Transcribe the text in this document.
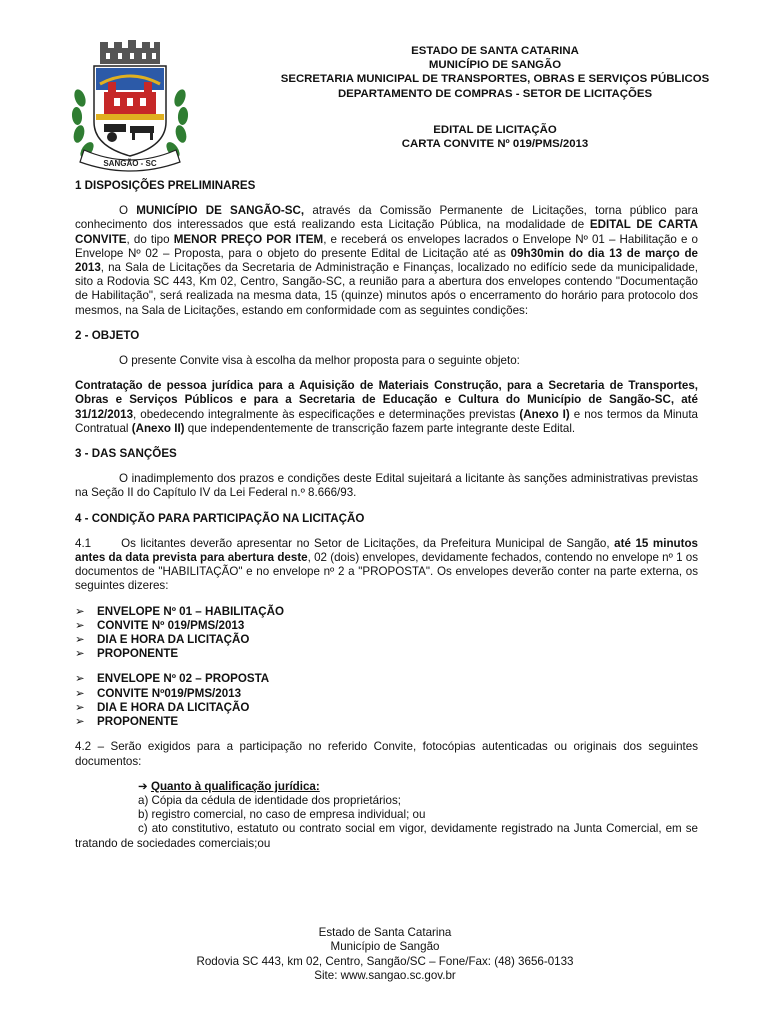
SANGÃO - SC
ESTADO DE SANTA CATARINA
MUNICÍPIO DE SANGÃO
SECRETARIA MUNICIPAL DE TRANSPORTES, OBRAS E SERVIÇOS PÚBLICOS
DEPARTAMENTO DE COMPRAS - SETOR DE LICITAÇÕES
EDITAL DE LICITAÇÃO
CARTA CONVITE Nº 019/PMS/2013
1 DISPOSIÇÕES PRELIMINARES

O MUNICÍPIO DE SANGÃO-SC, através da Comissão Permanente de Licitações, torna público para conhecimento dos interessados que está realizando esta Licitação Pública, na modalidade de EDITAL DE CARTA CONVITE, do tipo MENOR PREÇO POR ITEM, e receberá os envelopes lacrados o Envelope Nº 01 – Habilitação e o Envelope Nº 02 – Proposta, para o objeto do presente Edital de Licitação até as 09h30min do dia 13 de março de 2013, na Sala de Licitações da Secretaria de Administração e Finanças, localizado no edifício sede da municipalidade, sito a Rodovia SC 443, Km 02, Centro, Sangão-SC, a reunião para a abertura dos envelopes contendo "Documentação de Habilitação", será realizada na mesma data, 15 (quinze) minutos após o encerramento do horário para protocolo dos mesmos, na Sala de Licitações, estando em conformidade com as seguintes condições:

2 - OBJETO

O presente Convite visa à escolha da melhor proposta para o seguinte objeto:

Contratação de pessoa jurídica para a Aquisição de Materiais Construção, para a Secretaria de Transportes, Obras e Serviços Públicos e para a Secretaria de Educação e Cultura do Município de Sangão-SC, até 31/12/2013, obedecendo integralmente às especificações e determinações previstas (Anexo I) e nos termos da Minuta Contratual (Anexo II) que independentemente de transcrição fazem parte integrante deste Edital.

3 - DAS SANÇÕES

O inadimplemento dos prazos e condições deste Edital sujeitará a licitante às sanções administrativas previstas na Seção II do Capítulo IV da Lei Federal n.º 8.666/93.

4 - CONDIÇÃO PARA PARTICIPAÇÃO NA LICITAÇÃO

4.1	Os licitantes deverão apresentar no Setor de Licitações, da Prefeitura Municipal de Sangão, até 15 minutos antes da data prevista para abertura deste, 02 (dois) envelopes, devidamente fechados, contendo no envelope nº 1 os documentos de "HABILITAÇÃO" e no envelope nº 2 a "PROPOSTA". Os envelopes deverão conter na parte externa, os seguintes dizeres:

➢ ENVELOPE Nº 01 – HABILITAÇÃO
➢ CONVITE Nº 019/PMS/2013
➢ DIA E HORA DA LICITAÇÃO
➢ PROPONENTE
➢ ENVELOPE Nº 02 – PROPOSTA
➢ CONVITE Nº019/PMS/2013
➢ DIA E HORA DA LICITAÇÃO
➢ PROPONENTE

4.2 – Serão exigidos para a participação no referido Convite, fotocópias autenticadas ou originais dos seguintes documentos:

➔ Quanto à qualificação jurídica:
a) Cópia da cédula de identidade dos proprietários;
b) registro comercial, no caso de empresa individual; ou
c) ato constitutivo, estatuto ou contrato social em vigor, devidamente registrado na Junta Comercial, em se tratando de sociedades comerciais;ou
Estado de Santa Catarina
Município de Sangão
Rodovia SC 443, km 02, Centro, Sangão/SC – Fone/Fax: (48) 3656-0133
Site: www.sangao.sc.gov.br
